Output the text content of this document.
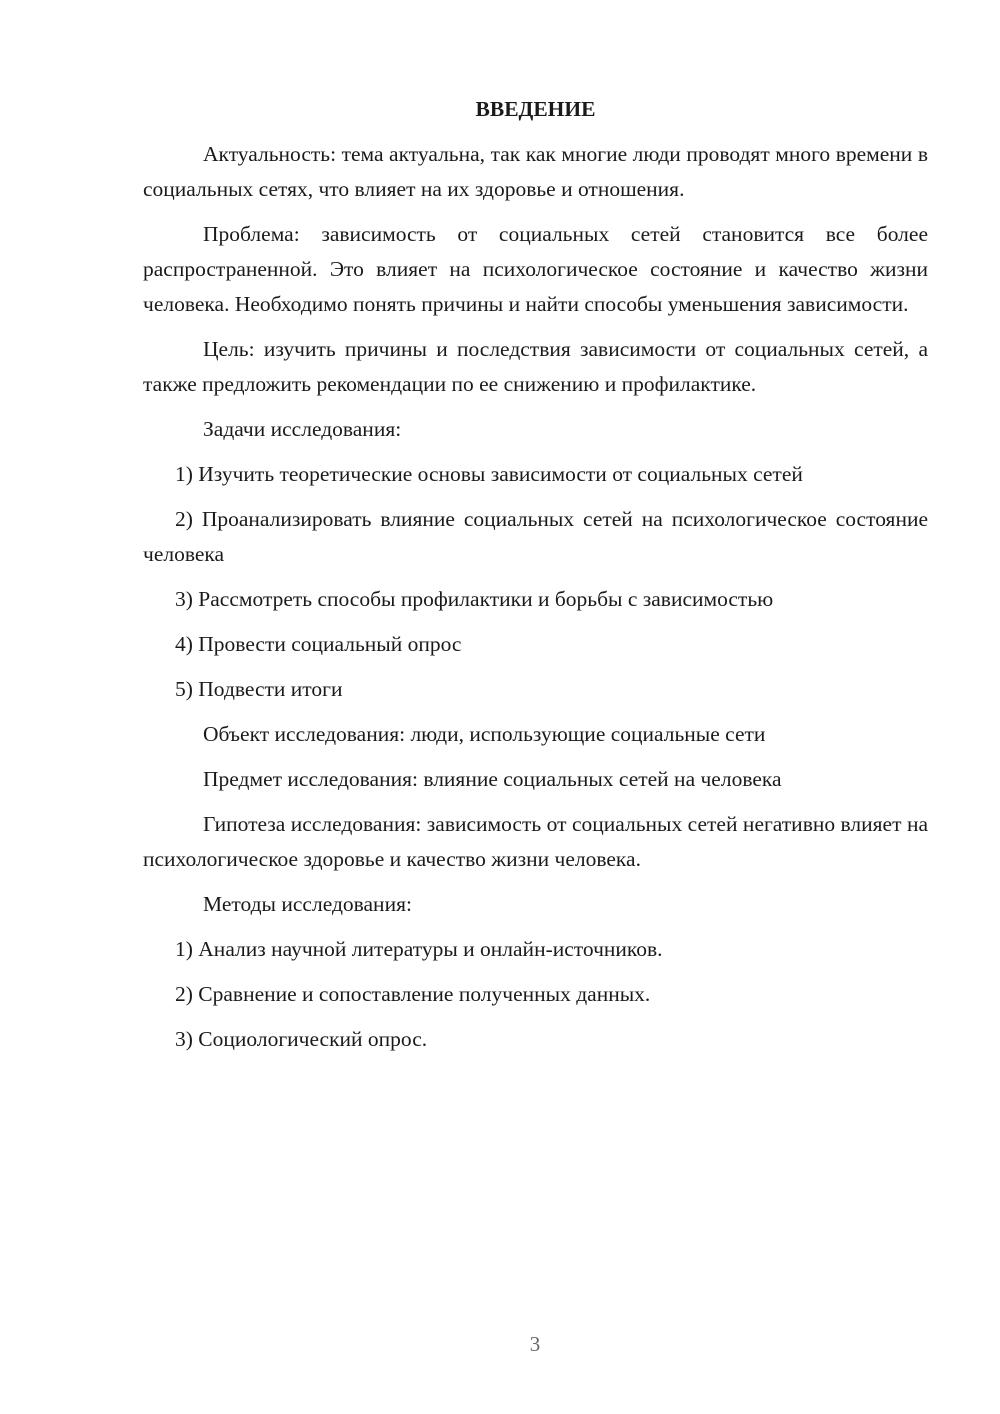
ВВЕДЕНИЕ

Актуальность: тема актуальна, так как многие люди проводят много времени в социальных сетях, что влияет на их здоровье и отношения.

Проблема: зависимость от социальных сетей становится все более распространенной. Это влияет на психологическое состояние и качество жизни человека. Необходимо понять причины и найти способы уменьшения зависимости.

Цель: изучить причины и последствия зависимости от социальных сетей, а также предложить рекомендации по ее снижению и профилактике.

Задачи исследования:

1) Изучить теоретические основы зависимости от социальных сетей

2) Проанализировать влияние социальных сетей на психологическое состояние человека

3) Рассмотреть способы профилактики и борьбы с зависимостью

4) Провести социальный опрос

5) Подвести итоги

Объект исследования: люди, использующие социальные сети

Предмет исследования: влияние социальных сетей на человека

Гипотеза исследования: зависимость от социальных сетей негативно влияет на психологическое здоровье и качество жизни человека.

Методы исследования:

1) Анализ научной литературы и онлайн-источников.

2) Сравнение и сопоставление полученных данных.

3) Социологический опрос.

3
